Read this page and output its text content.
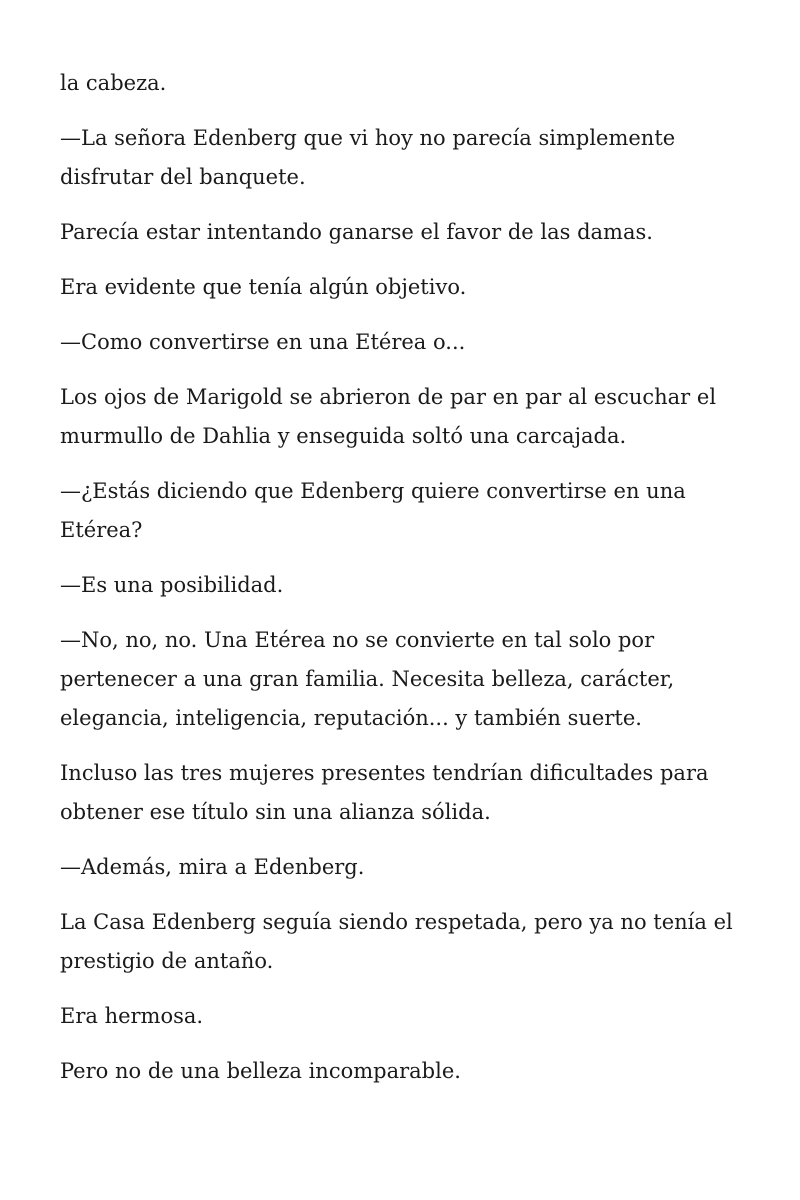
la cabeza.

—La señora Edenberg que vi hoy no parecía simplemente disfrutar del banquete.

Parecía estar intentando ganarse el favor de las damas.

Era evidente que tenía algún objetivo.

—Como convertirse en una Etérea o...

Los ojos de Marigold se abrieron de par en par al escuchar el murmullo de Dahlia y enseguida soltó una carcajada.

—¿Estás diciendo que Edenberg quiere convertirse en una Etérea?

—Es una posibilidad.

—No, no, no. Una Etérea no se convierte en tal solo por pertenecer a una gran familia. Necesita belleza, carácter, elegancia, inteligencia, reputación... y también suerte.

Incluso las tres mujeres presentes tendrían dificultades para obtener ese título sin una alianza sólida.

—Además, mira a Edenberg.

La Casa Edenberg seguía siendo respetada, pero ya no tenía el prestigio de antaño.

Era hermosa.

Pero no de una belleza incomparable.
